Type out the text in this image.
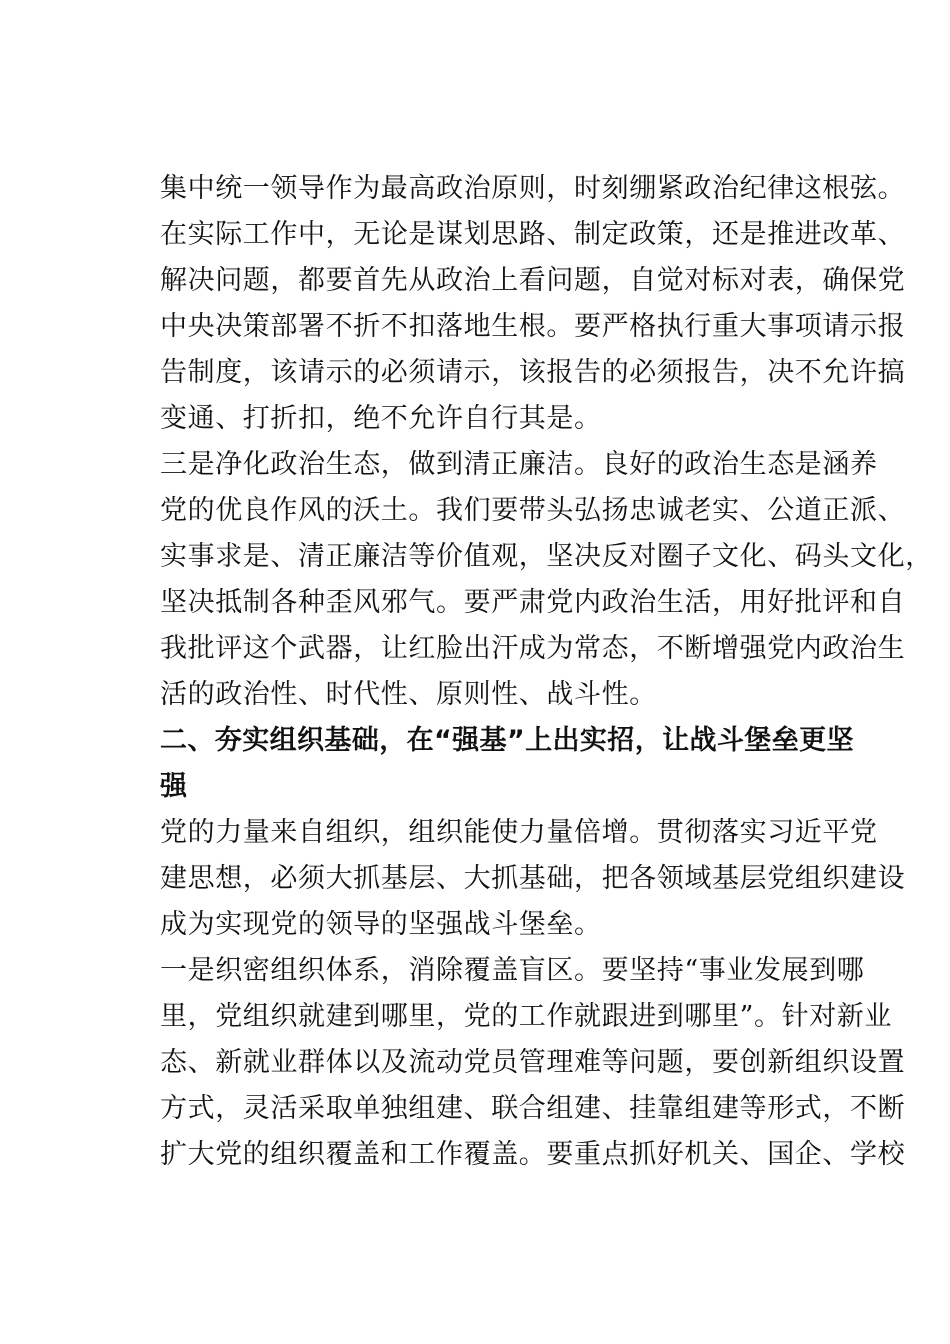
集中统一领导作为最高政治原则，时刻绷紧政治纪律这根弦。
在实际工作中，无论是谋划思路、制定政策，还是推进改革、
解决问题，都要首先从政治上看问题，自觉对标对表，确保党
中央决策部署不折不扣落地生根。要严格执行重大事项请示报
告制度，该请示的必须请示，该报告的必须报告，决不允许搞
变通、打折扣，绝不允许自行其是。
三是净化政治生态，做到清正廉洁。良好的政治生态是涵养
党的优良作风的沃土。我们要带头弘扬忠诚老实、公道正派、
实事求是、清正廉洁等价值观，坚决反对圈子文化、码头文化，
坚决抵制各种歪风邪气。要严肃党内政治生活，用好批评和自
我批评这个武器，让红脸出汗成为常态，不断增强党内政治生
活的政治性、时代性、原则性、战斗性。
二、夯实组织基础，在“强基”上出实招，让战斗堡垒更坚
强
党的力量来自组织，组织能使力量倍增。贯彻落实习近平党
建思想，必须大抓基层、大抓基础，把各领域基层党组织建设
成为实现党的领导的坚强战斗堡垒。
一是织密组织体系，消除覆盖盲区。要坚持“事业发展到哪
里，党组织就建到哪里，党的工作就跟进到哪里”。针对新业
态、新就业群体以及流动党员管理难等问题，要创新组织设置
方式，灵活采取单独组建、联合组建、挂靠组建等形式，不断
扩大党的组织覆盖和工作覆盖。要重点抓好机关、国企、学校
